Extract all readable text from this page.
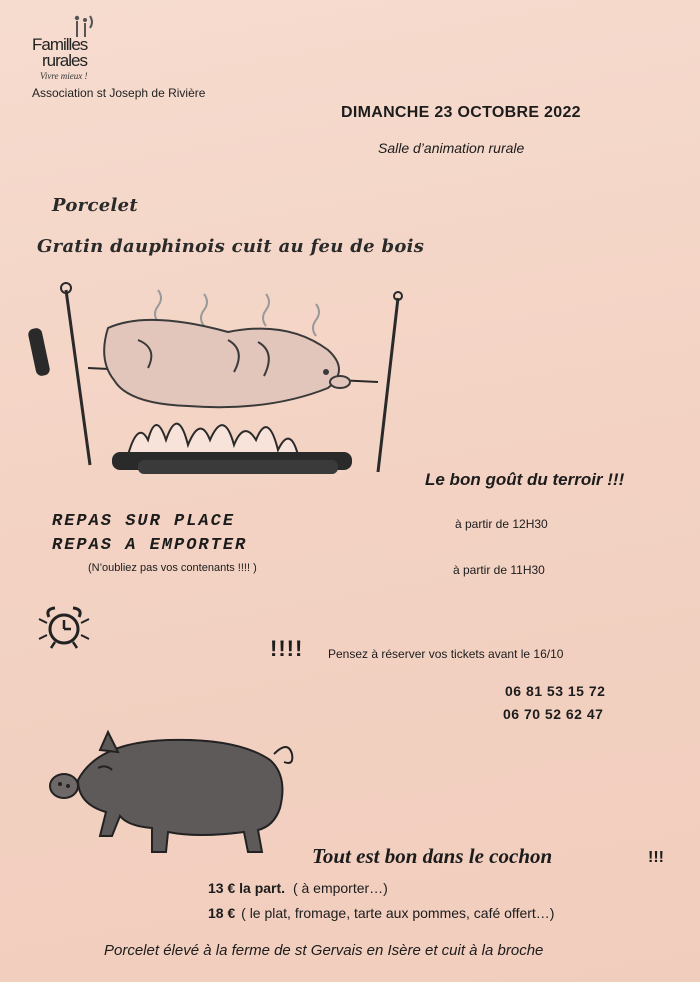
Familles
rurales
Vivre mieux !
Association st Joseph de Rivière
DIMANCHE 23 OCTOBRE 2022
Salle d’animation rurale
Porcelet
Gratin dauphinois cuit au feu de bois
Le bon goût du terroir !!!
REPAS SUR PLACE	à partir de 12H30
REPAS A EMPORTER
(N’oubliez pas vos contenants !!!! )	à partir de 11H30
!!!! Pensez à réserver vos tickets avant le 16/10
06 81 53 15 72
06 70 52 62 47
Tout est bon dans le cochon	!!!
13 € la part. ( à emporter…)
18 € ( le plat, fromage, tarte aux pommes, café offert…)
Porcelet élevé à la ferme de st Gervais en Isère et cuit à la broche
